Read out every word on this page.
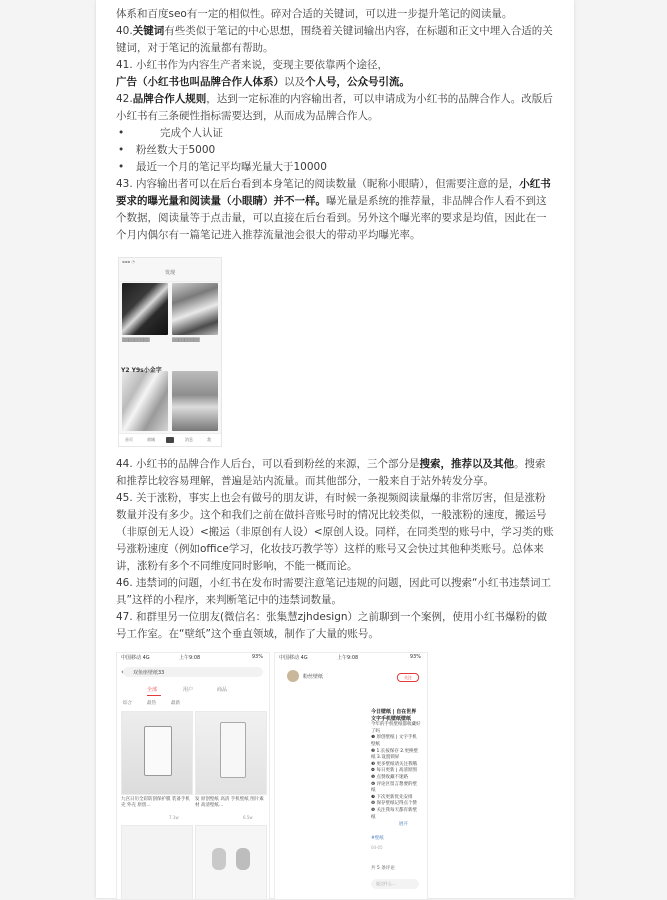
体系和百度seo有一定的相似性。碎对合适的关键词，可以进一步提升笔记的阅读量。

40.关键词有些类似于笔记的中心思想，围绕着关键词输出内容，在标题和正文中埋入合适的关键词，对于笔记的流量都有帮助。

41. 小红书作为内容生产者来说，变现主要依靠两个途径，广告（小红书也叫品牌合作人体系）以及个人号，公众号引流。

42.品牌合作人规则，达到一定标准的内容输出者，可以申请成为小红书的品牌合作人。改版后小红书有三条硬性指标需要达到，从而成为品牌合作人。

• 完成个人认证

• 粉丝数大于5000

• 最近一个月的笔记平均曝光量大于10000

43. 内容输出者可以在后台看到本身笔记的阅读数量（昵称小眼睛），但需要注意的是，小红书要求的曝光量和阅读量（小眼睛）并不一样。曝光量是系统的推荐量，非品牌合作人看不到这个数据，阅读量等于点击量，可以直接在后台看到。另外这个曝光率的要求是均值，因此在一个月内偶尔有一篇笔记进入推荐流量池会很大的带动平均曝光率。

▪▪▪ ◔
发现
▒▒▒▒▒▒▒▒▒	▒▒▒▒▒▒▒▒▒
Y2 Y9s小金字
首页	商城	消息	我

44. 小红书的品牌合作人后台，可以看到粉丝的来源，三个部分是搜索，推荐以及其他。搜索和推荐比较容易理解，普遍是站内流量。而其他部分，一般来自于站外转发分享。

45. 关于涨粉，事实上也会有做号的朋友讲，有时候一条视频阅读量爆的非常厉害，但是涨粉数量并没有多少。这个和我们之前在做抖音账号时的情况比较类似，一般涨粉的速度，搬运号（非原创无人设）<搬运（非原创有人设）<原创人设。同样，在同类型的账号中，学习类的账号涨粉速度（例如office学习，化妆技巧教学等）这样的账号又会快过其他种类账号。总体来讲，涨粉有多个不同维度同时影响，不能一概而论。

46. 违禁词的问题，小红书在发布时需要注意笔记违规的问题，因此可以搜索“小红书违禁词工具”这样的小程序，来判断笔记中的违禁词数量。

47. 和群里另一位朋友(微信名：张集慧zjhdesign）之前聊到一个案例，使用小红书爆粉的做号工作室。在“壁纸”这个垂直领域，制作了大量的账号。

中国移动 4G	上午9:08	93%
‹ 双鱼座壁纸33
全部	用户	商品
综合	最热	最新
九宫日历全彩防刮保护膜 装备手机壳 外壳 原创...
发 原创壁纸 高清 手机壁纸 图片素材 高清壁纸...
7.1w	6.5w
中国移动 4G	上午9:08	93%
粉丝壁纸	关注
今日壁纸 | 自在世界文字手机壁纸壁纸
今年的手机壁纸都收藏好了吗
❶ 原创壁纸 | 文字手机壁纸
❷ 1.长按保存 2.更换壁纸 3.设置锁屏
❸ 更多壁纸请关注我哦
❹ 每日更新 | 高清原图
❺ 点赞收藏不迷路
❻ 评论区留言想要的壁纸
❼ 下次更新优先安排
❽ 保存壁纸记得点个赞
❾ 关注我每天都有新壁纸
展开
#壁纸
04-05
共 5 条评论
说点什么...
